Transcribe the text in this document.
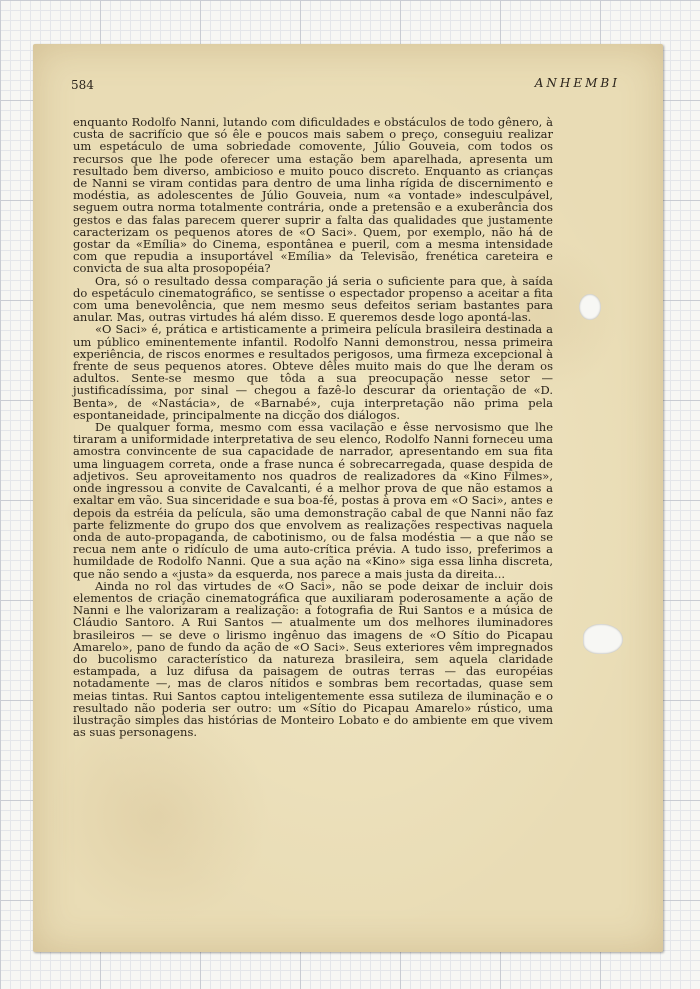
584	ANHEMBI

enquanto Rodolfo Nanni, lutando com dificuldades e obstáculos de todo gênero, à custa de sacrifício que só êle e poucos mais sabem o preço, conseguiu realizar um espetáculo de uma sobriedade comovente, Júlio Gouveia, com todos os recursos que lhe pode oferecer uma estação bem aparelhada, apresenta um resultado bem diverso, ambicioso e muito pouco discreto. Enquanto as crianças de Nanni se viram contidas para dentro de uma linha rígida de discernimento e modéstia, as adolescentes de Júlio Gouveia, num «a vontade» indesculpável, seguem outra norma totalmente contrária, onde a pretensão e a exuberância dos gestos e das falas parecem querer suprir a falta das qualidades que justamente caracterizam os pequenos atores de «O Saci». Quem, por exemplo, não há de gostar da «Emília» do Cinema, espontânea e pueril, com a mesma intensidade com que repudia a insuportável «Emília» da Televisão, frenética careteira e convicta de sua alta prosopopéia?

Ora, só o resultado dessa comparação já seria o suficiente para que, à saída do espetáculo cinematográfico, se sentisse o espectador propenso a aceitar a fita com uma benevolência, que nem mesmo seus defeitos seriam bastantes para anular. Mas, outras virtudes há além disso. E queremos desde logo apontá-las.

«O Saci» é, prática e artisticamente a primeira película brasileira destinada a um público eminentemente infantil. Rodolfo Nanni demonstrou, nessa primeira experiência, de riscos enormes e resultados perigosos, uma firmeza excepcional à frente de seus pequenos atores. Obteve dêles muito mais do que lhe deram os adultos. Sente-se mesmo que tôda a sua preocupação nesse setor — justificadíssima, por sinal — chegou a fazê-lo descurar da orientação de «D. Benta», de «Nastácia», de «Barnabé», cuja interpretação não prima pela espontaneidade, principalmente na dicção dos diálogos.

De qualquer forma, mesmo com essa vacilação e êsse nervosismo que lhe tiraram a uniformidade interpretativa de seu elenco, Rodolfo Nanni forneceu uma amostra convincente de sua capacidade de narrador, apresentando em sua fita uma linguagem correta, onde a frase nunca é sobrecarregada, quase despida de adjetivos. Seu aproveitamento nos quadros de realizadores da «Kino Filmes», onde ingressou a convite de Cavalcanti, é a melhor prova de que não estamos a exaltar em vão. Sua sinceridade e sua boa-fé, postas à prova em «O Saci», antes e depois da estréia da película, são uma demonstração cabal de que Nanni não faz parte felizmente do grupo dos que envolvem as realizações respectivas naquela onda de auto-propaganda, de cabotinismo, ou de falsa modéstia — a que não se recua nem ante o ridículo de uma auto-crítica prévia. A tudo isso, preferimos a humildade de Rodolfo Nanni. Que a sua ação na «Kino» siga essa linha discreta, que não sendo a «justa» da esquerda, nos parece a mais justa da direita...

Ainda no rol das virtudes de «O Saci», não se pode deixar de incluir dois elementos de criação cinematográfica que auxiliaram poderosamente a ação de Nanni e lhe valorizaram a realização: a fotografia de Rui Santos e a música de Cláudio Santoro. A Rui Santos — atualmente um dos melhores iluminadores brasileiros — se deve o lirismo ingênuo das imagens de «O Sítio do Picapau Amarelo», pano de fundo da ação de «O Saci». Seus exteriores vêm impregnados do bucolismo característico da natureza brasileira, sem aquela claridade estampada, a luz difusa da paisagem de outras terras — das européias notadamente —, mas de claros nítidos e sombras bem recortadas, quase sem meias tintas. Rui Santos captou inteligentemente essa sutileza de iluminação e o resultado não poderia ser outro: um «Sítio do Picapau Amarelo» rústico, uma ilustração simples das histórias de Monteiro Lobato e do ambiente em que vivem as suas personagens.
